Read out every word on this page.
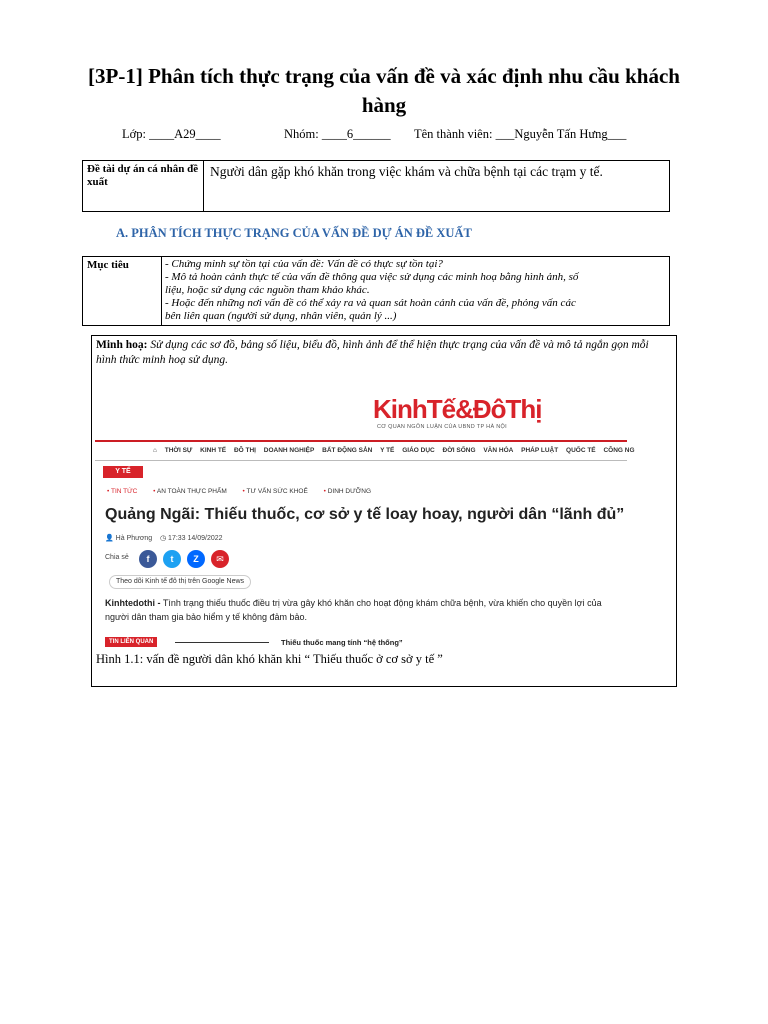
[3P-1] Phân tích thực trạng của vấn đề và xác định nhu cầu khách hàng
Lớp: ____A29____	Nhóm: ____6______ Tên thành viên: ___Nguyễn Tấn Hưng___
Đề tài dự án cá nhân đề xuất	Người dân gặp khó khăn trong việc khám và chữa bệnh tại các trạm y tế.
A. PHÂN TÍCH THỰC TRẠNG CỦA VẤN ĐỀ DỰ ÁN ĐỀ XUẤT
Mục tiêu	- Chứng minh sự tồn tại của vấn đề: Vấn đề có thực sự tồn tại?
- Mô tả hoàn cảnh thực tế của vấn đề thông qua việc sử dụng các minh hoạ bằng hình ảnh, số
liệu, hoặc sử dụng các nguồn tham khảo khác.
- Hoặc đến những nơi vấn đề có thể xảy ra và quan sát hoàn cảnh của vấn đề, phỏng vấn các
bên liên quan (người sử dụng, nhân viên, quản lý ...)
Minh hoạ: Sử dụng các sơ đồ, bảng số liệu, biểu đồ, hình ảnh để thể hiện thực trạng của vấn đề và mô tả ngắn gọn mỗi hình thức minh hoạ sử dụng.
KinhTế&ĐôThị
CƠ QUAN NGÔN LUẬN CỦA UBND TP HÀ NỘI
⌂ THỜI SỰ KINH TẾ ĐÔ THỊ DOANH NGHIỆP BẤT ĐỘNG SẢN Y TẾ GIÁO DỤC ĐỜI SỐNG VĂN HÓA PHÁP LUẬT QUỐC TẾ CÔNG NG
Y TẾ
• TIN TỨC	• AN TOÀN THỰC PHẨM	• TƯ VẤN SỨC KHOẺ	• DINH DƯỠNG
Quảng Ngãi: Thiếu thuốc, cơ sở y tế loay hoay, người dân “lãnh đủ”
👤 Hà Phương ◷ 17:33 14/09/2022
Chia sẻ	f	t	Z	✉
Theo dõi Kinh tế đô thị trên Google News
Kinhtedothi - Tình trạng thiếu thuốc điều trị vừa gây khó khăn cho hoạt động khám chữa bệnh, vừa khiến cho quyền lợi của người dân tham gia bảo hiểm y tế không đảm bảo.
TIN LIÊN QUAN	Thiếu thuốc mang tính “hệ thống”
Hình 1.1: vấn đề người dân khó khăn khi “ Thiếu thuốc ở cơ sở y tế ”
